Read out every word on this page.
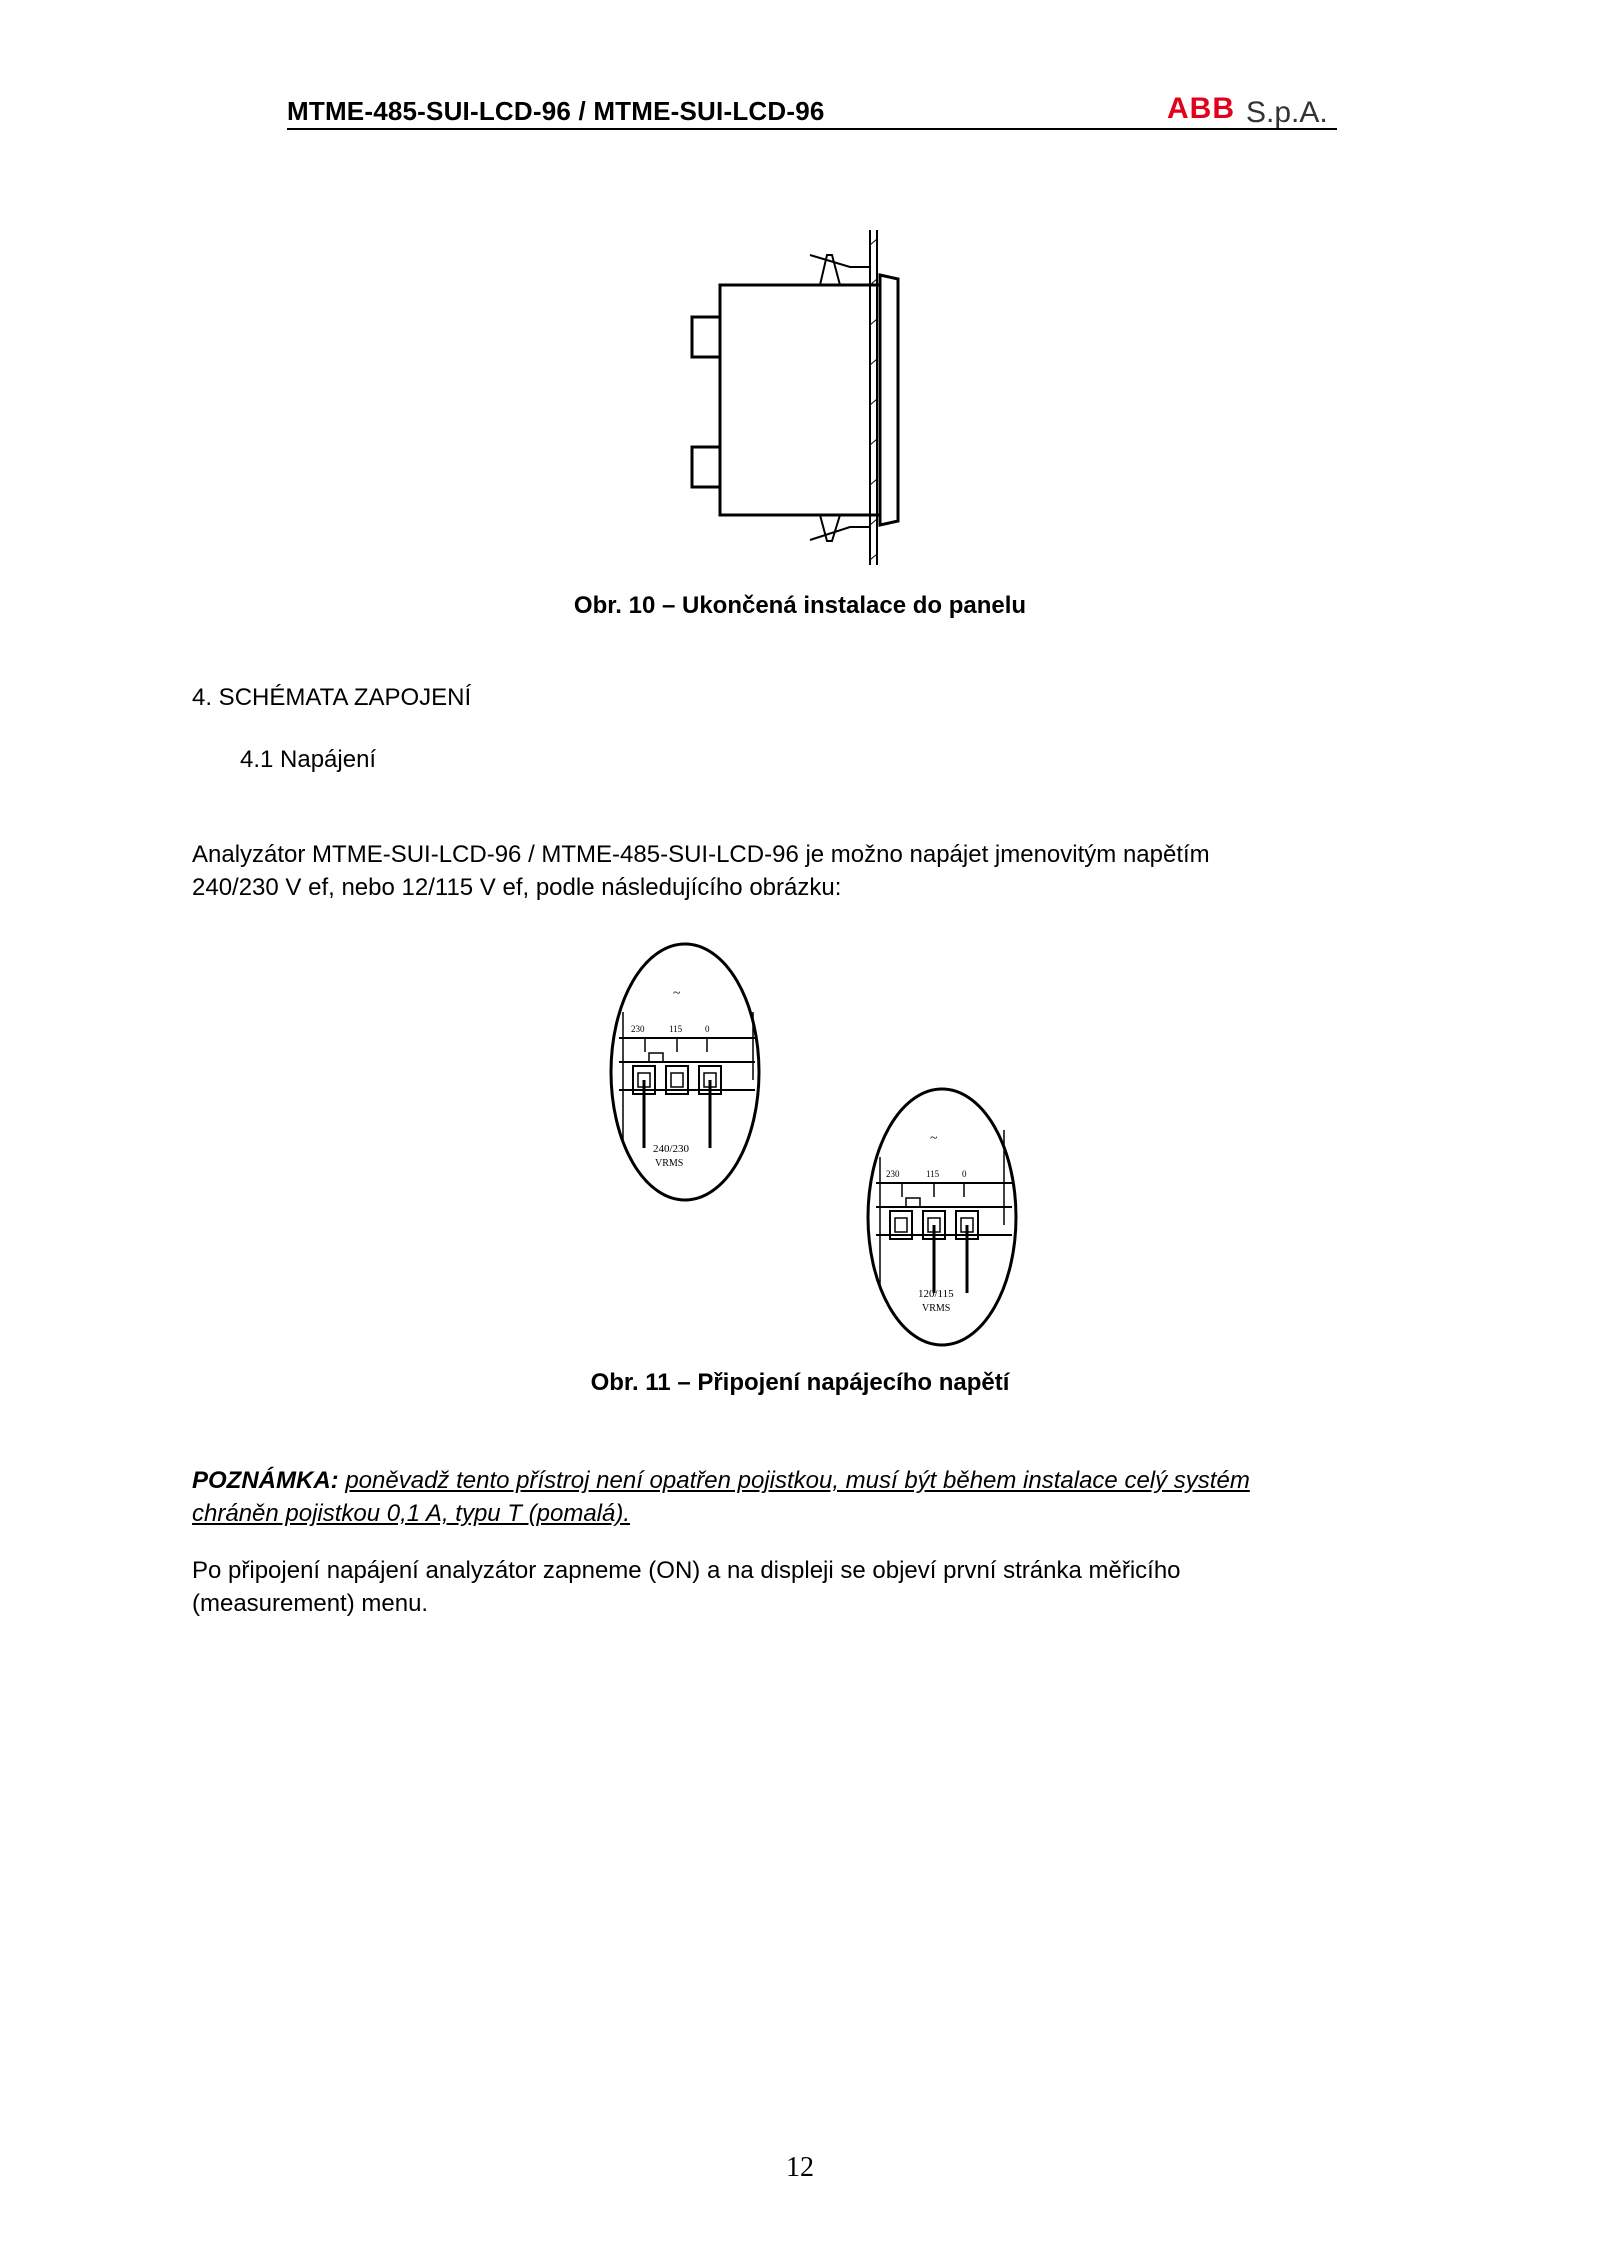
MTME-485-SUI-LCD-96 / MTME-SUI-LCD-96	ABB S.p.A.
Obr. 10 – Ukončená instalace do panelu
4. SCHÉMATA ZAPOJENÍ
4.1 Napájení
Analyzátor MTME-SUI-LCD-96 / MTME-485-SUI-LCD-96 je možno napájet jmenovitým napětím
240/230 V ef, nebo 12/115 V ef, podle následujícího obrázku:
~
230	115	0
240/230
VRMS
~
230	115	0
120/115
VRMS
Obr. 11 – Připojení napájecího napětí
POZNÁMKA: poněvadž tento přístroj není opatřen pojistkou, musí být během instalace celý systém
chráněn pojistkou 0,1 A, typu T (pomalá).
Po připojení napájení analyzátor zapneme (ON) a na displeji se objeví první stránka měřicího
(measurement) menu.
12
